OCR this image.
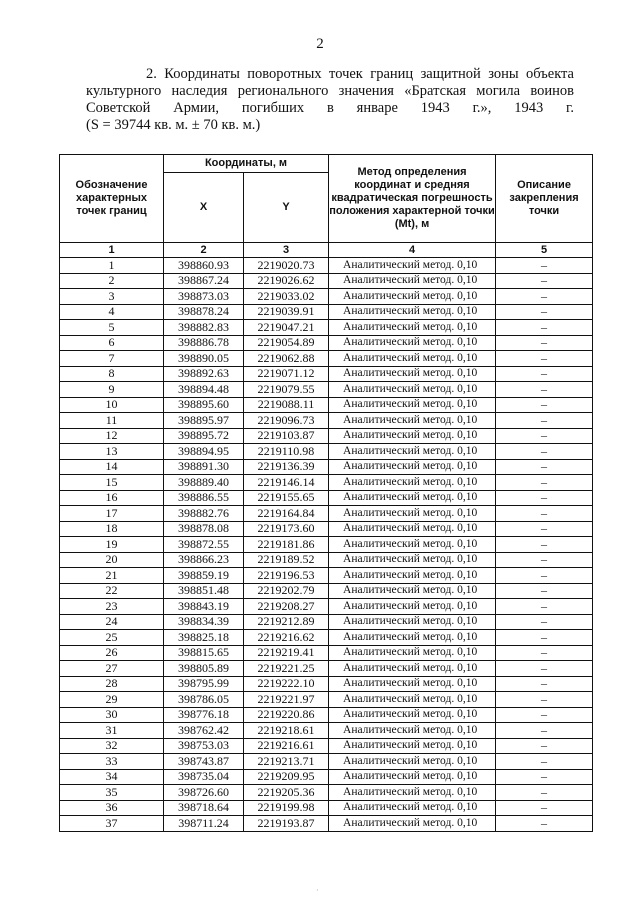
2

2. Координаты поворотных точек границ защитной зоны объекта

культурного наследия регионального значения «Братская могила воинов

Советской Армии, погибших в январе 1943 г.», 1943 г.

(S = 39744 кв. м. ± 70 кв. м.)

Обозначение характерных точек границ	Координаты, м		Метод определения координат и средняя квадратическая погрешность положения характерной точки (Mt), м	Описание закрепления точки
	X	Y		
1	2	3	4	5
1	398860.93	2219020.73	Аналитический метод. 0,10	–
2	398867.24	2219026.62	Аналитический метод. 0,10	–
3	398873.03	2219033.02	Аналитический метод. 0,10	–
4	398878.24	2219039.91	Аналитический метод. 0,10	–
5	398882.83	2219047.21	Аналитический метод. 0,10	–
6	398886.78	2219054.89	Аналитический метод. 0,10	–
7	398890.05	2219062.88	Аналитический метод. 0,10	–
8	398892.63	2219071.12	Аналитический метод. 0,10	–
9	398894.48	2219079.55	Аналитический метод. 0,10	–
10	398895.60	2219088.11	Аналитический метод. 0,10	–
11	398895.97	2219096.73	Аналитический метод. 0,10	–
12	398895.72	2219103.87	Аналитический метод. 0,10	–
13	398894.95	2219110.98	Аналитический метод. 0,10	–
14	398891.30	2219136.39	Аналитический метод. 0,10	–
15	398889.40	2219146.14	Аналитический метод. 0,10	–
16	398886.55	2219155.65	Аналитический метод. 0,10	–
17	398882.76	2219164.84	Аналитический метод. 0,10	–
18	398878.08	2219173.60	Аналитический метод. 0,10	–
19	398872.55	2219181.86	Аналитический метод. 0,10	–
20	398866.23	2219189.52	Аналитический метод. 0,10	–
21	398859.19	2219196.53	Аналитический метод. 0,10	–
22	398851.48	2219202.79	Аналитический метод. 0,10	–
23	398843.19	2219208.27	Аналитический метод. 0,10	–
24	398834.39	2219212.89	Аналитический метод. 0,10	–
25	398825.18	2219216.62	Аналитический метод. 0,10	–
26	398815.65	2219219.41	Аналитический метод. 0,10	–
27	398805.89	2219221.25	Аналитический метод. 0,10	–
28	398795.99	2219222.10	Аналитический метод. 0,10	–
29	398786.05	2219221.97	Аналитический метод. 0,10	–
30	398776.18	2219220.86	Аналитический метод. 0,10	–
31	398762.42	2219218.61	Аналитический метод. 0,10	–
32	398753.03	2219216.61	Аналитический метод. 0,10	–
33	398743.87	2219213.71	Аналитический метод. 0,10	–
34	398735.04	2219209.95	Аналитический метод. 0,10	–
35	398726.60	2219205.36	Аналитический метод. 0,10	–
36	398718.64	2219199.98	Аналитический метод. 0,10	–
37	398711.24	2219193.87	Аналитический метод. 0,10	–
·
